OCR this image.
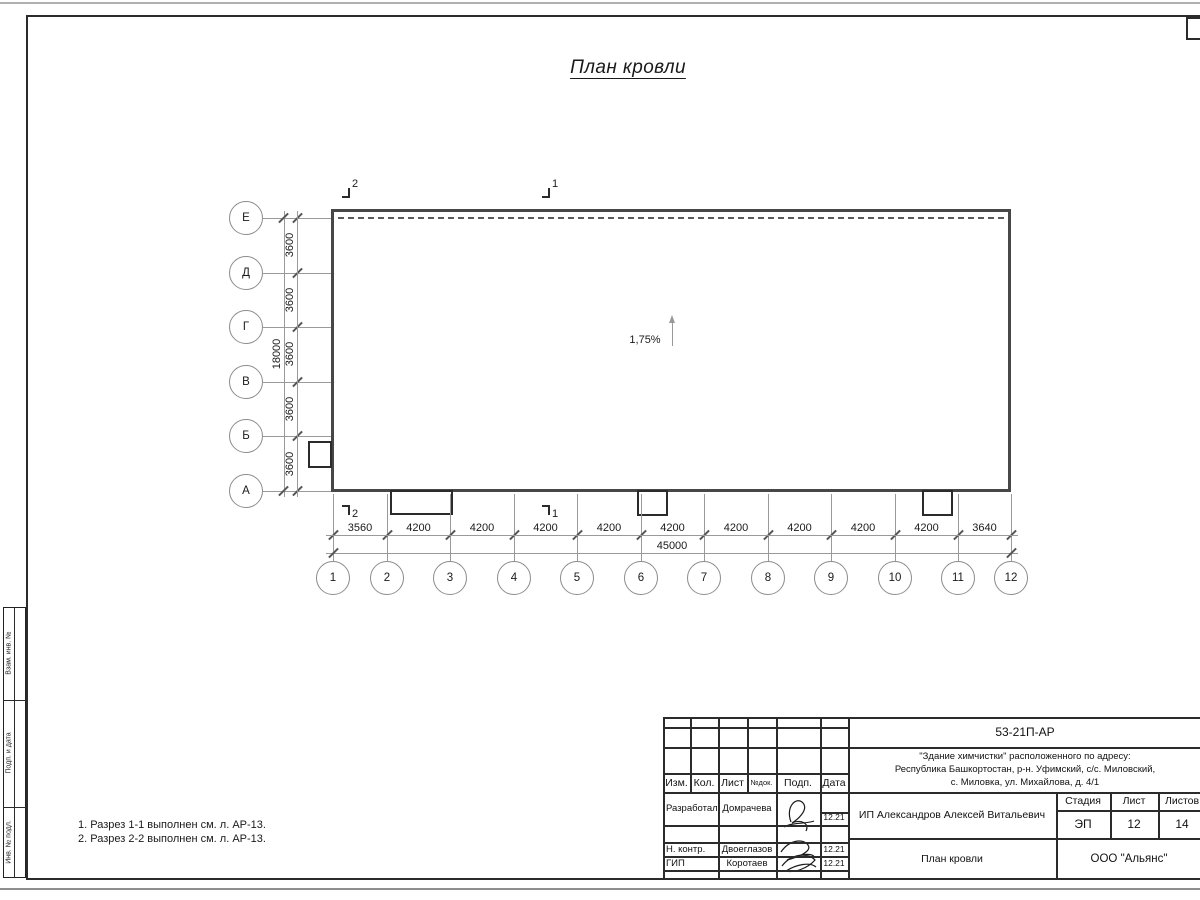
Взам. инв. №
Подп. и дата
Инв. № подл.
План кровли
1,75%
Е
Д
Г
В
Б
А
3600
3600
3600
3600
3600
18000
1	2	3	4	5	6	7	8	9	10	11	12
3560	4200	4200	4200	4200	4200	4200	4200	4200	4200	3640
45000
2	1
2	1
1. Разрез 1-1 выполнен см. л. АР-13.
2. Разрез 2-2 выполнен см. л. АР-13.
53-21П-АР
"Здание химчистки" расположенного по адресу:
Республика Башкортостан, р-н. Уфимский, с/с. Миловский,
с. Миловка, ул. Михайлова, д. 4/1
ИП Александров Алексей Витальевич
Стадия	Лист	Листов
ЭП	12	14
План кровли	ООО "Альянс"
Изм. Кол. Лист №док.	Подп. Дата
Разработал Домрачева
12.21
Н. контр.	Двоеглазов	12.21
ГИП	Коротаев	12.21
